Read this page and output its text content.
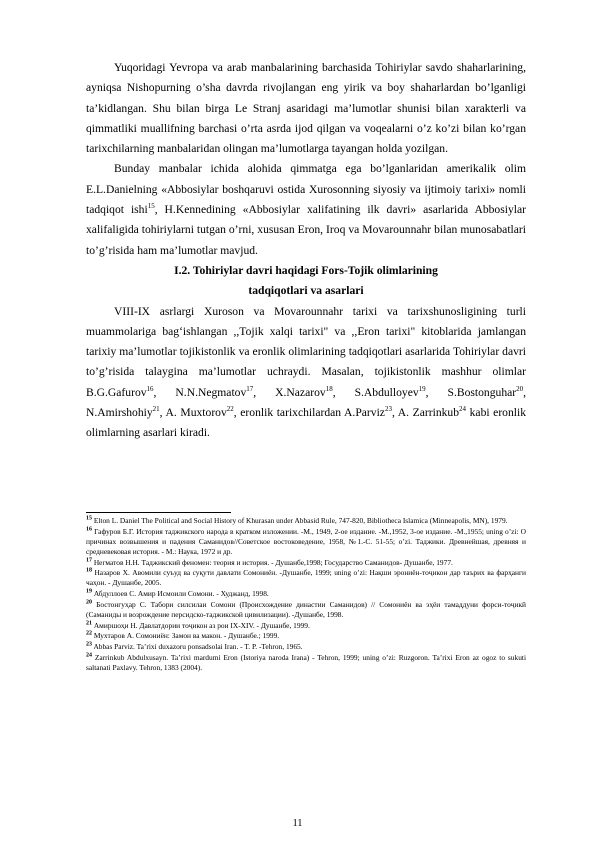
Yuqoridagi Yevropa va arab manbalarining barchasida Tohiriylar savdo shaharlarining, ayniqsa Nishopurning o’sha davrda rivojlangan eng yirik va boy shaharlardan bo’lganligi ta’kidlangan. Shu bilan birga Le Stranj asaridagi ma’lumotlar shunisi bilan xarakterli va qimmatliki muallifning barchasi o’rta asrda ijod qilgan va voqealarni o’z ko’zi bilan ko’rgan tarixchilarning manbalaridan olingan ma’lumotlarga tayangan holda yozilgan.

Bunday manbalar ichida alohida qimmatga ega bo’lganlaridan amerikalik olim E.L.Danielning «Abbosiylar boshqaruvi ostida Xurosonning siyosiy va ijtimoiy tarixi» nomli tadqiqot ishi$^{15}$, H.Kennedining «Abbosiylar xalifatining ilk davri» asarlarida Abbosiylar xalifaligida tohiriylarni tutgan o’rni, xususan Eron, Iroq va Movarounnahr bilan munosabatlari to’g’risida ham ma’lumotlar mavjud.

I.2. Tohiriylar davri haqidagi Fors-Tojik olimlarining

tadqiqotlari va asarlari

VIII-IX asrlargi Xuroson va Movarounnahr tarixi va tarixshunosligining turli muammolariga bag‘ishlangan ,,Tojik xalqi tarixi" va ,,Eron tarixi" kitoblarida jamlangan tarixiy ma’lumotlar tojikistonlik va eronlik olimlarining tadqiqotlari asarlarida Tohiriylar davri to’g’risida talaygina ma’lumotlar uchraydi. Masalan, tojikistonlik mashhur olimlar B.G.Gafurov$^{16}$, N.N.Negmatov$^{17}$, X.Nazarov$^{18}$, S.Abdulloyev$^{19}$, S.Bostonguhar$^{20}$, N.Amirshohiy$^{21}$, A. Muxtorov$^{22}$, eronlik tarixchilardan A.Parviz$^{23}$, A. Zarrinkub$^{24}$ kabi eronlik olimlarning asarlari kiradi.

$^{15}$ Elton L. Daniel The Political and Social History of Khurasan under Abbasid Rule, 747-820, Bibliotheca Islamica (Minneapolis, MN), 1979.

$^{16}$ Гафуров Б.Г. История таджикского народа в кратком изложении. -М., 1949, 2-ое издание. -М.,1952, 3-ое издание. -М.,1955; uning o’zi: О причинах возвышения и падения Саманидов//Советское востоковедение, 1958, №1.-С. 51-55; o’zi. Таджики. Древнейшая, древняя и средневековая история. - М.: Наука, 1972 и др.

$^{17}$ Негматов Н.Н. Таджикский феномен: теория и история. - Душанбе,1998; Государство Саманидов- Душанбе, 1977.

$^{18}$ Назаров Х. Авомили суъуд ва суқути давлати Сомониён. -Душанбе, 1999; uning o’zi: Нақши эрониён-тоҷикон дар таърих ва фарҳанги чаҳон. - Душанбе, 2005.

$^{19}$ Абдуллоев С. Амир Исмоили Сомони. - Худжанд, 1998.

$^{20}$ Бостонгуҳар С. Табори силсилаи Сомони (Происхождение династии Саманидов) // Сомониён ва эҳёи тамаддуни форси-тоҷикӣ (Саманиды и возрождение персидско-таджикской цивилизации). -Душанбе, 1998.

$^{21}$ Амиршоҳи Н. Давлатдории тоҷикон аз рои IX-XIV. - Душанбе, 1999.

$^{22}$ Мухтаров А. Сомониён: Замон ва макон. - Душанбе.; 1999.

$^{23}$ Abbas Parviz. Ta’rixi duxazoru ponsadsolai Iran. - T. P. -Tehron, 1965.

$^{24}$ Zarrinkub Abdulxusayn. Ta’rixi mardumi Eron (Istoriya naroda Irana) - Tehron, 1999; uning o’zi: Ruzgoron. Ta’rixi Eron az ogoz to sukuti saltanati Paxlavy. Tehron, 1383 (2004).

11
